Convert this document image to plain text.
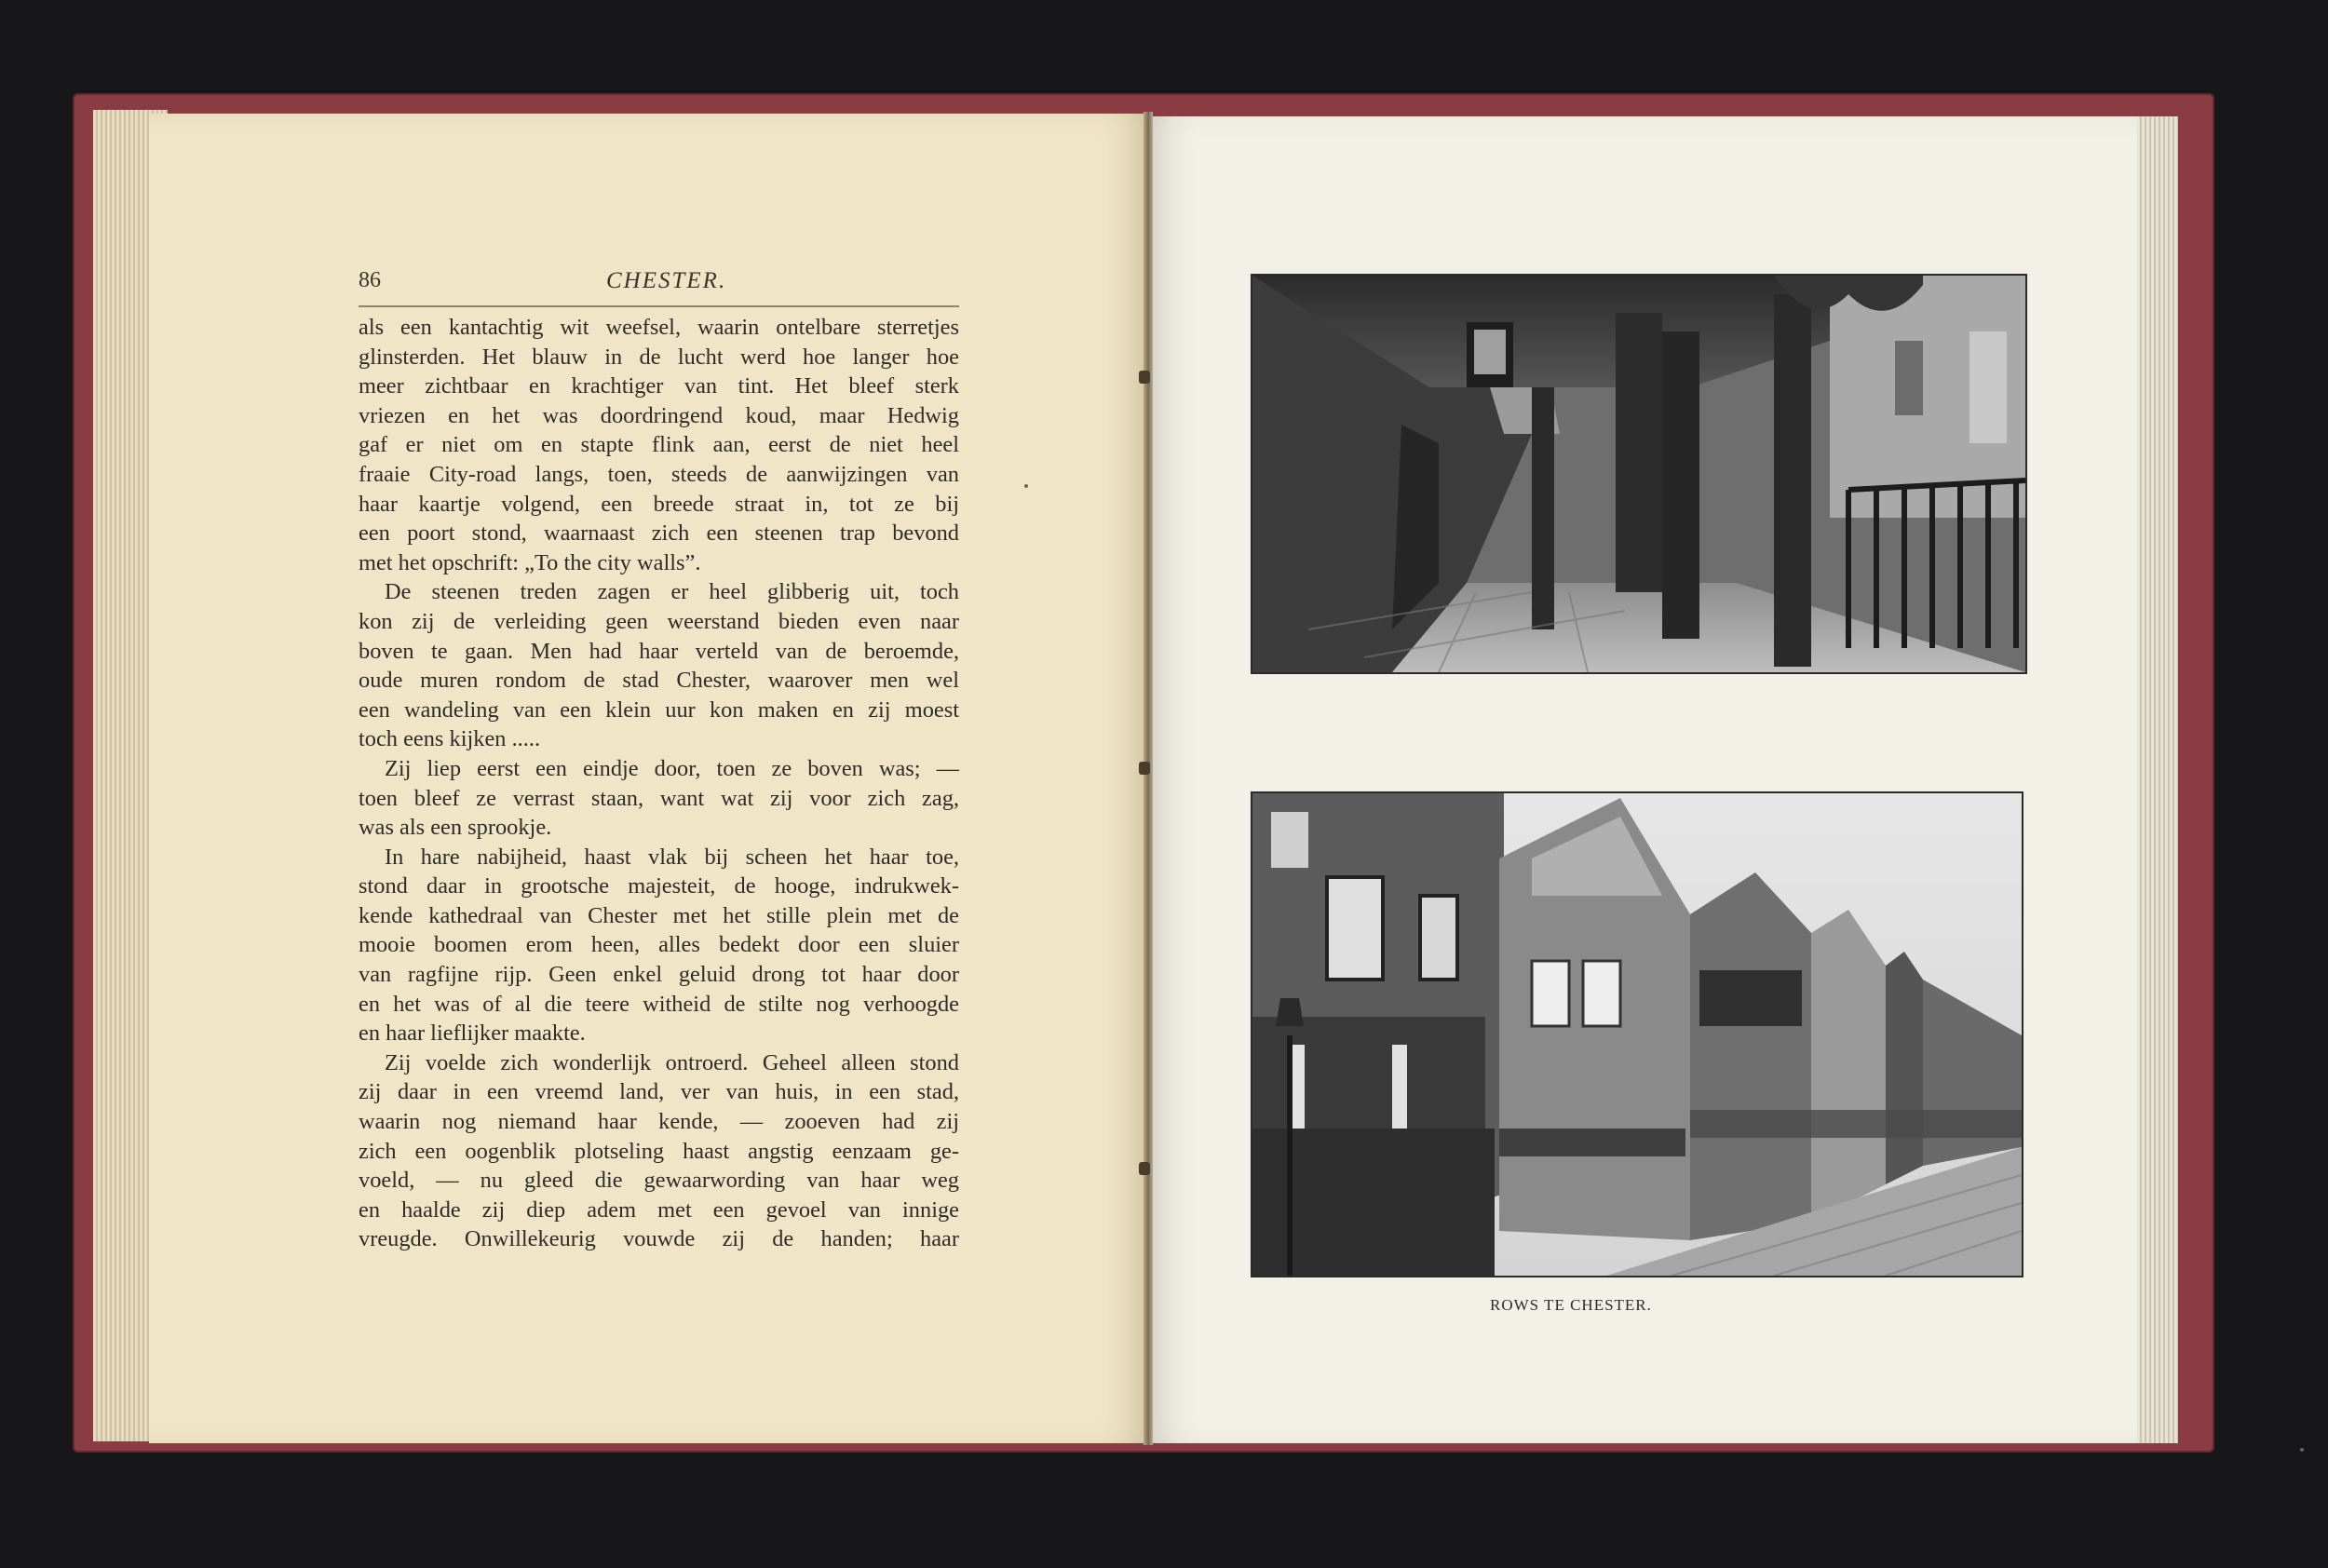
86	CHESTER.
als een kantachtig wit weefsel, waarin ontelbare sterretjes
glinsterden. Het blauw in de lucht werd hoe langer hoe
meer zichtbaar en krachtiger van tint. Het bleef sterk
vriezen en het was doordringend koud, maar Hedwig
gaf er niet om en stapte flink aan, eerst de niet heel
fraaie City-road langs, toen, steeds de aanwijzingen van
haar kaartje volgend, een breede straat in, tot ze bij
een poort stond, waarnaast zich een steenen trap bevond
met het opschrift: „To the city walls”.
De steenen treden zagen er heel glibberig uit, toch
kon zij de verleiding geen weerstand bieden even naar
boven te gaan. Men had haar verteld van de beroemde,
oude muren rondom de stad Chester, waarover men wel
een wandeling van een klein uur kon maken en zij moest
toch eens kijken .....
Zij liep eerst een eindje door, toen ze boven was; —
toen bleef ze verrast staan, want wat zij voor zich zag,
was als een sprookje.
In hare nabijheid, haast vlak bij scheen het haar toe,
stond daar in grootsche majesteit, de hooge, indrukwek-
kende kathedraal van Chester met het stille plein met de
mooie boomen erom heen, alles bedekt door een sluier
van ragfijne rijp. Geen enkel geluid drong tot haar door
en het was of al die teere witheid de stilte nog verhoogde
en haar lieflijker maakte.
Zij voelde zich wonderlijk ontroerd. Geheel alleen stond
zij daar in een vreemd land, ver van huis, in een stad,
waarin nog niemand haar kende, — zooeven had zij
zich een oogenblik plotseling haast angstig eenzaam ge-
voeld, — nu gleed die gewaarwording van haar weg
en haalde zij diep adem met een gevoel van innige
vreugde. Onwillekeurig vouwde zij de handen; haar
ROWS TE CHESTER.
